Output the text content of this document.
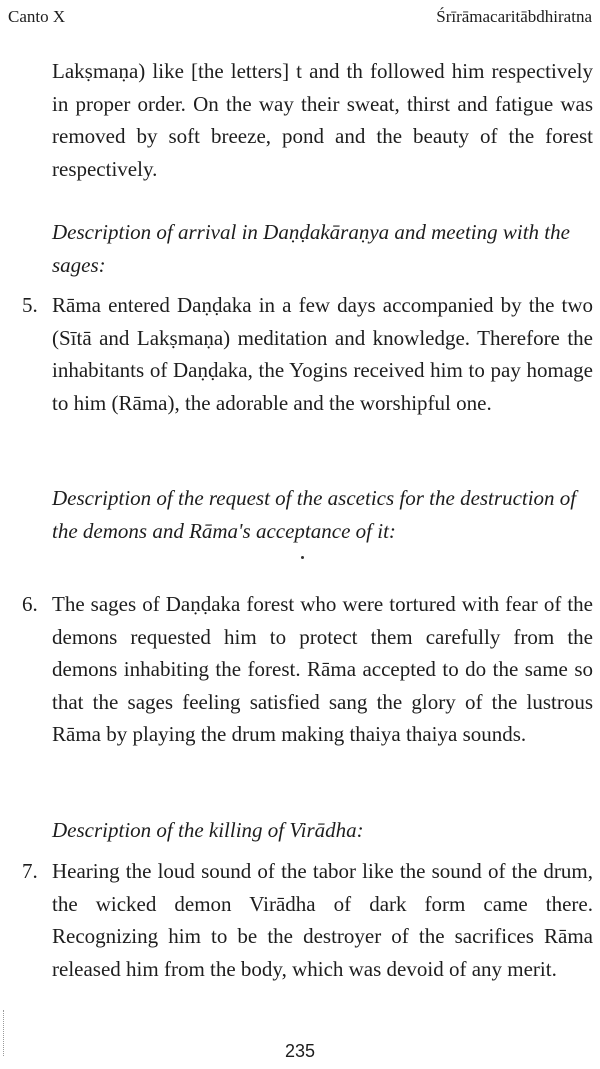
Canto X	Śrīrāmacaritābdhiratna

Lakṣmaṇa) like [the letters] t and th followed him respectively in proper order. On the way their sweat, thirst and fatigue was removed by soft breeze, pond and the beauty of the forest respectively.

Description of arrival in Daṇḍakāraṇya and meeting with the sages:

5. Rāma entered Daṇḍaka in a few days accompanied by the two (Sītā and Lakṣmaṇa) meditation and knowledge. Therefore the inhabitants of Daṇḍaka, the Yogins received him to pay homage to him (Rāma), the adorable and the worshipful one.

Description of the request of the ascetics for the destruction of the demons and Rāma's acceptance of it:

6. The sages of Daṇḍaka forest who were tortured with fear of the demons requested him to protect them carefully from the demons inhabiting the forest. Rāma accepted to do the same so that the sages feeling satisfied sang the glory of the lustrous Rāma by playing the drum making thaiya thaiya sounds.

Description of the killing of Virādha:

7. Hearing the loud sound of the tabor like the sound of the drum, the wicked demon Virādha of dark form came there. Recognizing him to be the destroyer of the sacrifices Rāma released him from the body, which was devoid of any merit.

235
